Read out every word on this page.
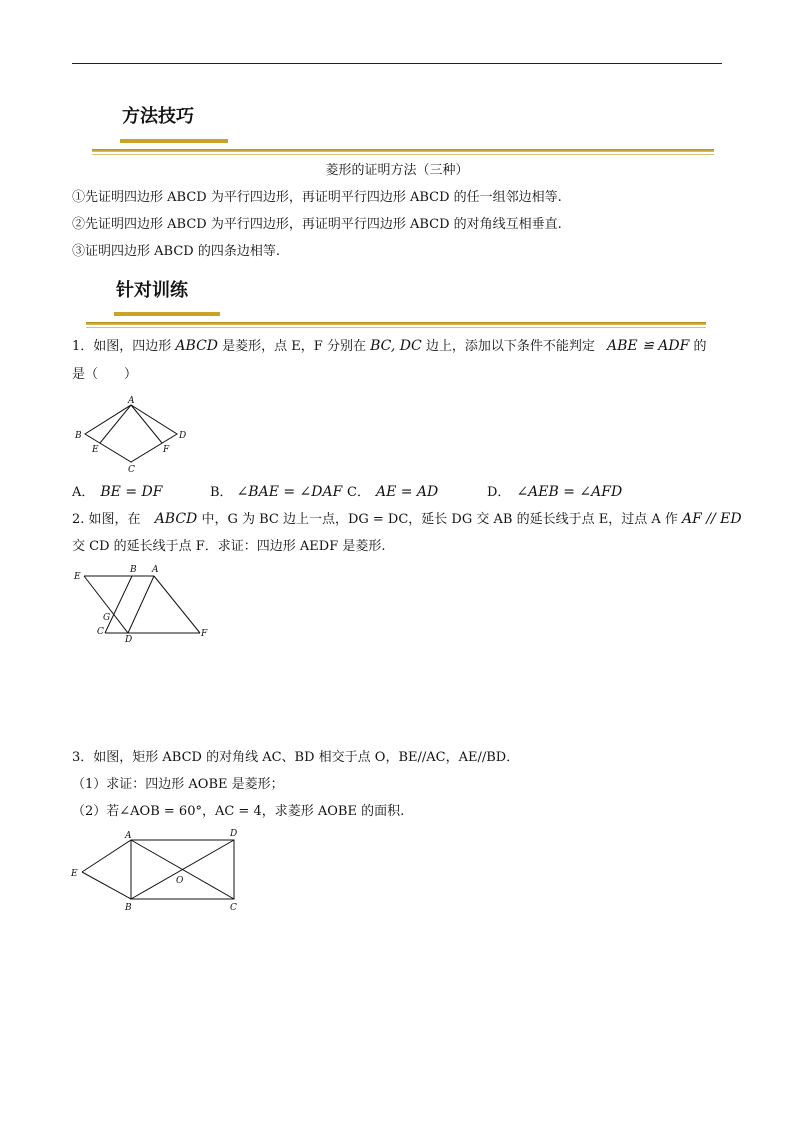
方法技巧
菱形的证明方法（三种）
①先证明四边形 ABCD 为平行四边形，再证明平行四边形 ABCD 的任一组邻边相等.
②先证明四边形 ABCD 为平行四边形，再证明平行四边形 ABCD 的对角线互相垂直.
③证明四边形 ABCD 的四条边相等.
针对训练
1．如图，四边形 ABCD 是菱形，点 E，F 分别在 BC, DC 边上，添加以下条件不能判定 ABE ≌ ADF 的
是（　　）
A
B
C
D
E	F
A． BE = DF	B． ∠BAE = ∠DAF C． AE = AD	D． ∠AEB = ∠AFD
2. 如图，在 ABCD 中，G 为 BC 边上一点，DG = DC，延长 DG 交 AB 的延长线于点 E，过点 A 作 AF // ED
交 CD 的延长线于点 F．求证：四边形 AEDF 是菱形.
E
B A
G
C
D
F
3．如图，矩形 ABCD 的对角线 AC、BD 相交于点 O，BE//AC，AE//BD．
（1）求证：四边形 AOBE 是菱形；
（2）若∠AOB = 60°，AC = 4，求菱形 AOBE 的面积.
A	D
E
O
B	C
